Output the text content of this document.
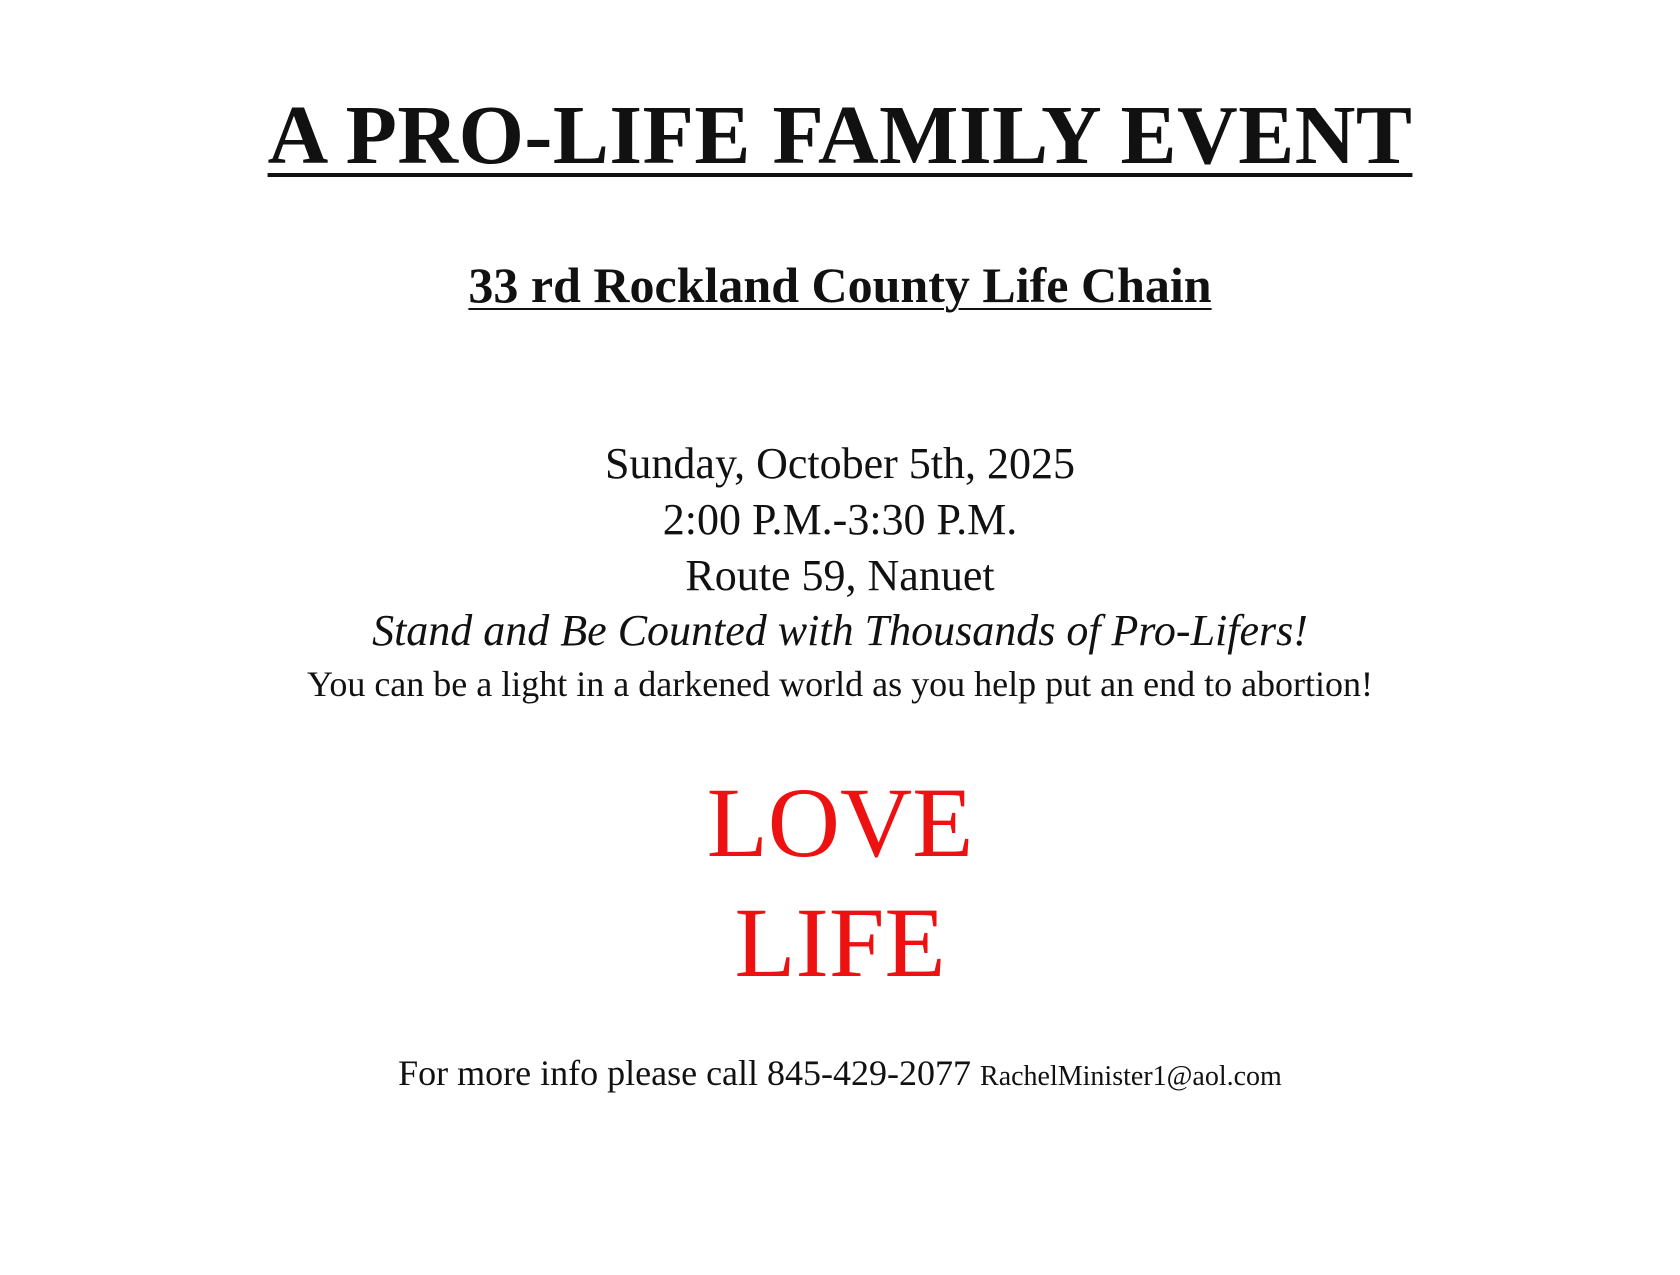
A PRO-LIFE FAMILY EVENT
33 rd Rockland County Life Chain
Sunday, October 5th, 2025
2:00 P.M.-3:30 P.M.
Route 59, Nanuet
Stand and Be Counted with Thousands of Pro-Lifers!
You can be a light in a darkened world as you help put an end to abortion!
LOVE
LIFE
For more info please call 845-429-2077 RachelMinister1@aol.com
